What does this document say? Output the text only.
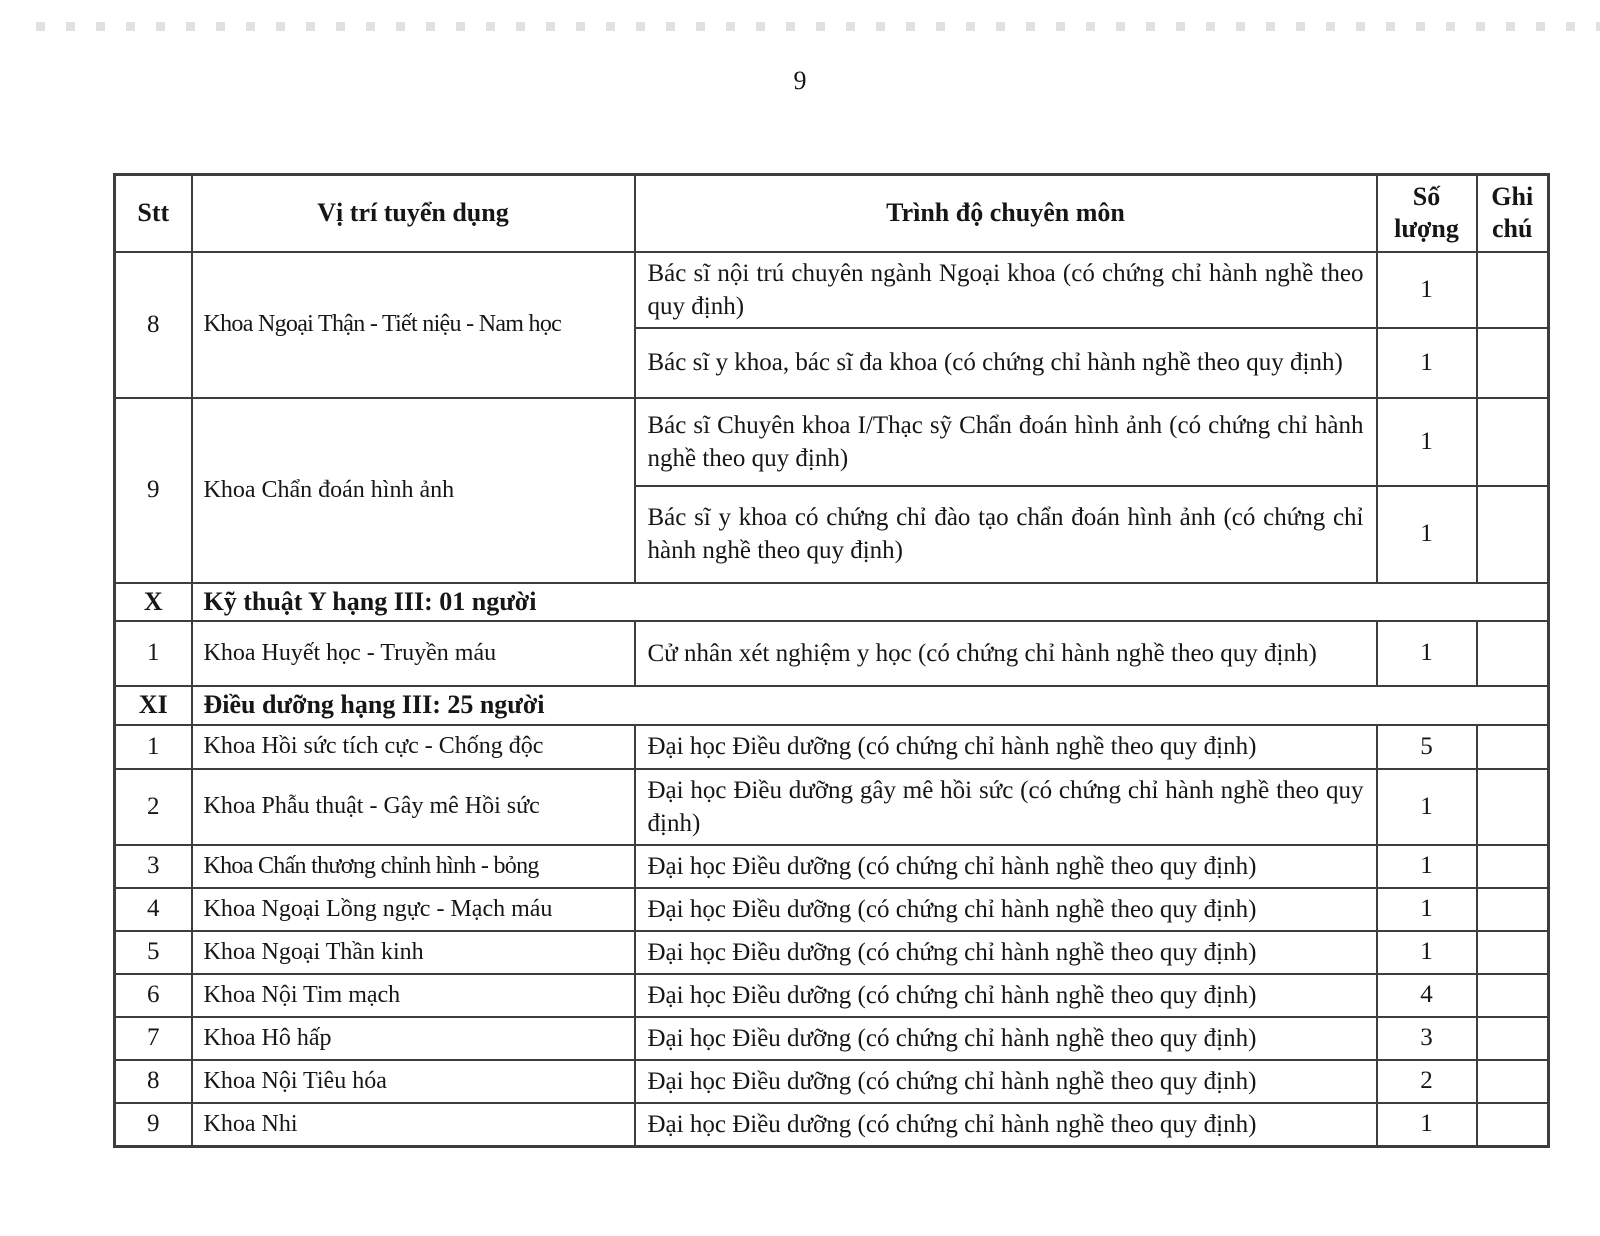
9
Stt	Vị trí tuyển dụng	Trình độ chuyên môn	Số lượng	Ghi chú
8	Khoa Ngoại Thận - Tiết niệu - Nam học	Bác sĩ nội trú chuyên ngành Ngoại khoa (có chứng chỉ hành nghề theo quy định)	1	
		Bác sĩ y khoa, bác sĩ đa khoa (có chứng chỉ hành nghề theo quy định)	1	
9	Khoa Chẩn đoán hình ảnh	Bác sĩ Chuyên khoa I/Thạc sỹ Chẩn đoán hình ảnh (có chứng chỉ hành nghề theo quy định)	1	
		Bác sĩ y khoa có chứng chỉ đào tạo chẩn đoán hình ảnh (có chứng chỉ hành nghề theo quy định)	1	
X	Kỹ thuật Y hạng III: 01 người			
1	Khoa Huyết học - Truyền máu	Cử nhân xét nghiệm y học (có chứng chỉ hành nghề theo quy định)	1	
XI	Điều dưỡng hạng III: 25 người			
1	Khoa Hồi sức tích cực - Chống độc	Đại học Điều dưỡng (có chứng chỉ hành nghề theo quy định)	5	
2	Khoa Phẫu thuật - Gây mê Hồi sức	Đại học Điều dưỡng gây mê hồi sức (có chứng chỉ hành nghề theo quy định)	1	
3	Khoa Chấn thương chỉnh hình - bỏng	Đại học Điều dưỡng (có chứng chỉ hành nghề theo quy định)	1	
4	Khoa Ngoại Lồng ngực - Mạch máu	Đại học Điều dưỡng (có chứng chỉ hành nghề theo quy định)	1	
5	Khoa Ngoại Thần kinh	Đại học Điều dưỡng (có chứng chỉ hành nghề theo quy định)	1	
6	Khoa Nội Tim mạch	Đại học Điều dưỡng (có chứng chỉ hành nghề theo quy định)	4	
7	Khoa Hô hấp	Đại học Điều dưỡng (có chứng chỉ hành nghề theo quy định)	3	
8	Khoa Nội Tiêu hóa	Đại học Điều dưỡng (có chứng chỉ hành nghề theo quy định)	2	
9	Khoa Nhi	Đại học Điều dưỡng (có chứng chỉ hành nghề theo quy định)	1	
